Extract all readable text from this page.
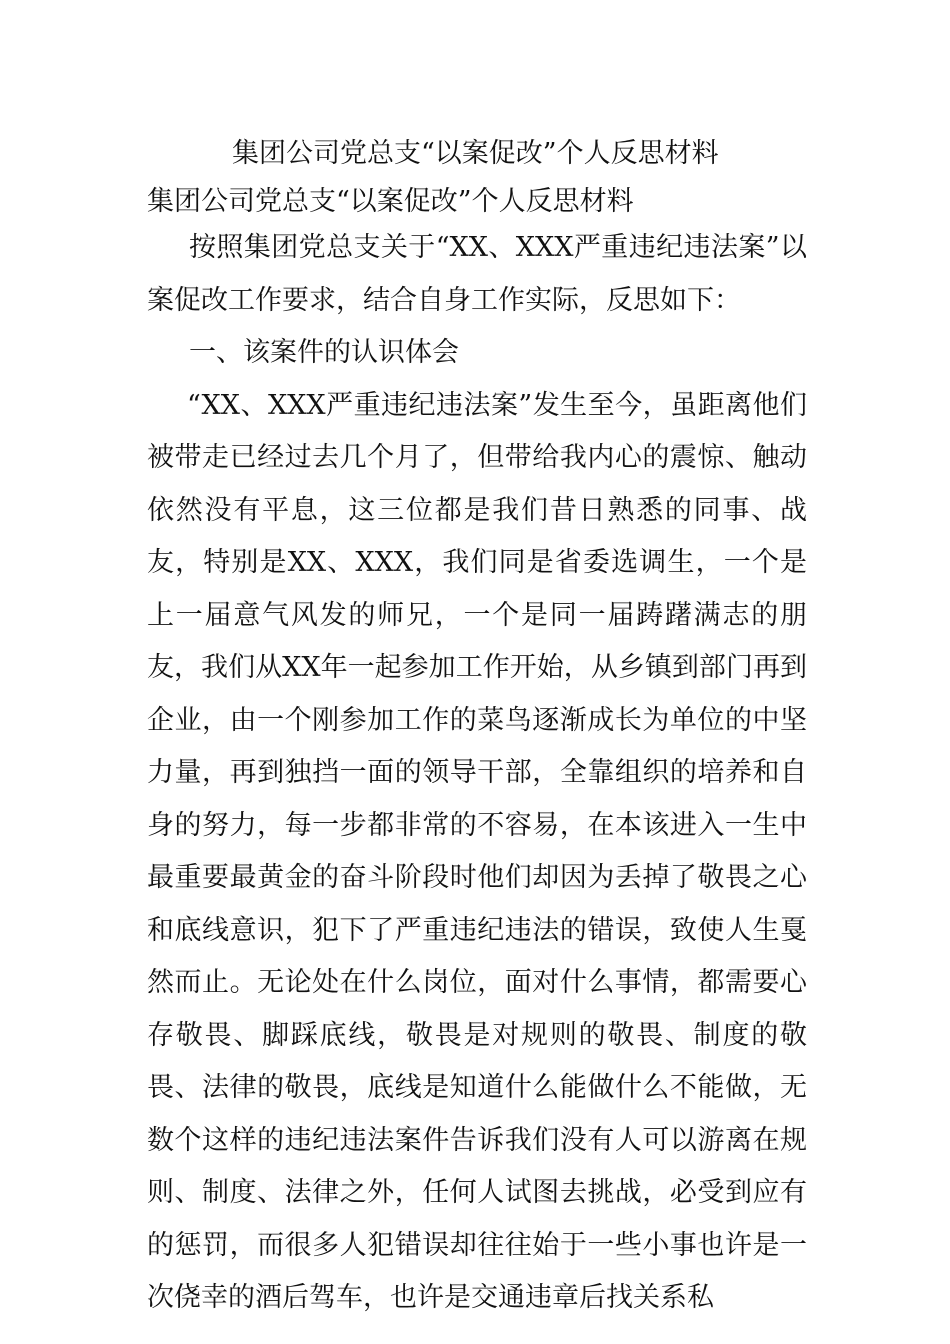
集团公司党总支“以案促改”个人反思材料
集团公司党总支“以案促改”个人反思材料

按照集团党总支关于“XX、XXX严重违纪违法案”以案促改工作要求，结合自身工作实际，反思如下：

一、该案件的认识体会

“XX、XXX严重违纪违法案”发生至今，虽距离他们被带走已经过去几个月了，但带给我内心的震惊、触动依然没有平息，这三位都是我们昔日熟悉的同事、战友，特别是XX、XXX，我们同是省委选调生，一个是上一届意气风发的师兄，一个是同一届踌躇满志的朋友，我们从XX年一起参加工作开始，从乡镇到部门再到企业，由一个刚参加工作的菜鸟逐渐成长为单位的中坚力量，再到独挡一面的领导干部，全靠组织的培养和自身的努力，每一步都非常的不容易，在本该进入一生中最重要最黄金的奋斗阶段时他们却因为丢掉了敬畏之心和底线意识，犯下了严重违纪违法的错误，致使人生戛然而止。无论处在什么岗位，面对什么事情，都需要心存敬畏、脚踩底线，敬畏是对规则的敬畏、制度的敬畏、法律的敬畏，底线是知道什么能做什么不能做，无数个这样的违纪违法案件告诉我们没有人可以游离在规则、制度、法律之外，任何人试图去挑战，必受到应有的惩罚，而很多人犯错误却往往始于一些小事也许是一次侥幸的酒后驾车，也许是交通违章后找关系私
